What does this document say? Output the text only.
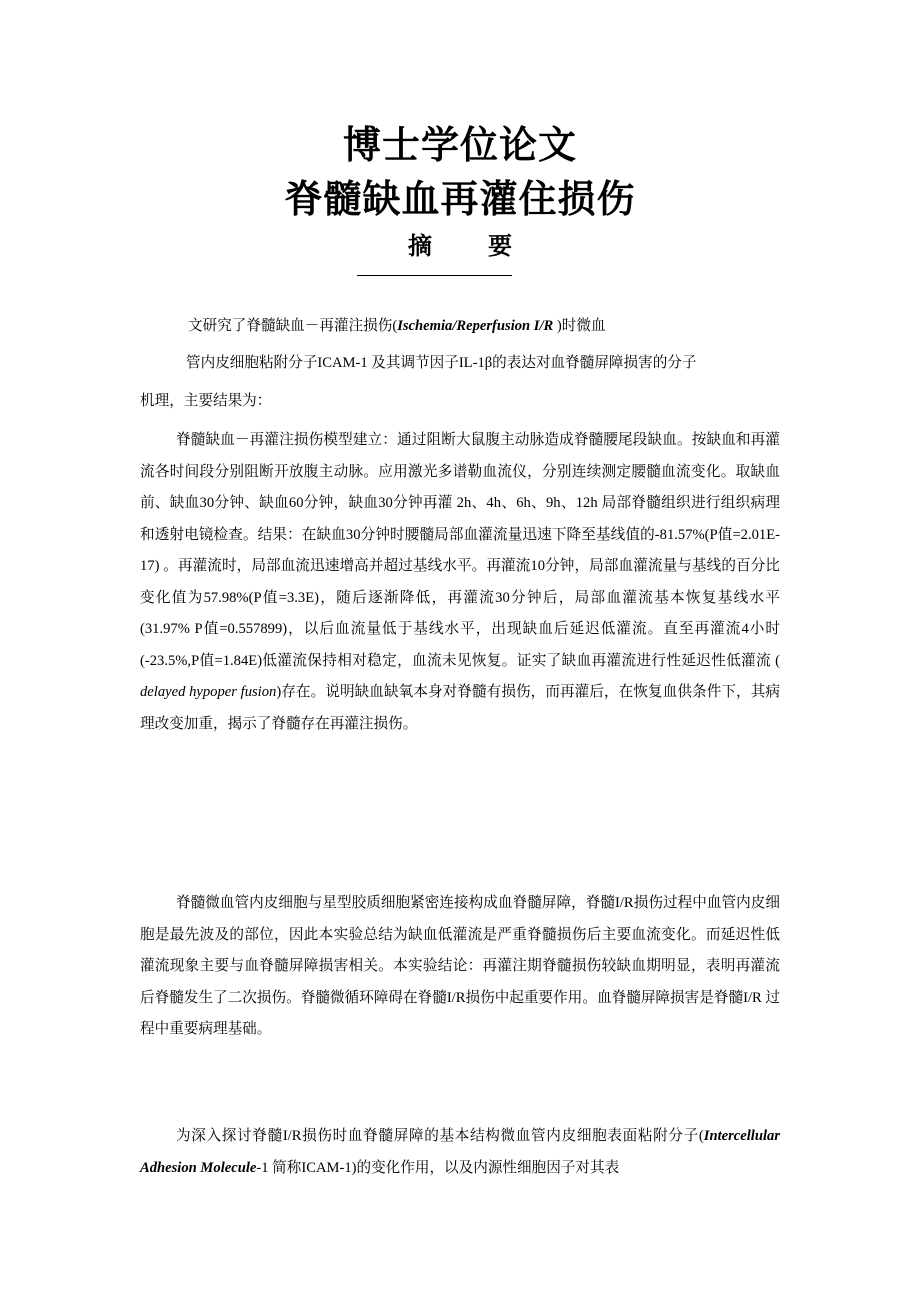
博士学位论文
脊髓缺血再灌住损伤
摘 要
文研究了脊髓缺血－再灌注损伤(Ischemia/Reperfusion I/R )时微血
管内皮细胞粘附分子ICAM-1 及其调节因子IL-1β的表达对血脊髓屏障损害的分子
机理，主要结果为：
脊髓缺血－再灌注损伤模型建立：通过阻断大鼠腹主动脉造成脊髓腰尾段缺血。按缺血和再灌流各时间段分别阻断开放腹主动脉。应用激光多谱勒血流仪，分别连续测定腰髓血流变化。取缺血前、缺血30分钟、缺血60分钟，缺血30分钟再灌 2h、4h、6h、9h、12h 局部脊髓组织进行组织病理和透射电镜检查。结果：在缺血30分钟时腰髓局部血灌流量迅速下降至基线值的-81.57%(P值=2.01E-17) 。再灌流时，局部血流迅速增高并超过基线水平。再灌流10分钟，局部血灌流量与基线的百分比变化值为57.98%(P值=3.3E)，随后逐渐降低，再灌流30分钟后，局部血灌流基本恢复基线水平(31.97% P值=0.557899)，以后血流量低于基线水平，出现缺血后延迟低灌流。直至再灌流4小时(-23.5%,P值=1.84E)低灌流保持相对稳定，血流未见恢复。证实了缺血再灌流进行性延迟性低灌流 ( delayed hypoper fusion)存在。说明缺血缺氧本身对脊髓有损伤，而再灌后，在恢复血供条件下，其病理改变加重，揭示了脊髓存在再灌注损伤。
脊髓微血管内皮细胞与星型胶质细胞紧密连接构成血脊髓屏障，脊髓I/R损伤过程中血管内皮细胞是最先波及的部位，因此本实验总结为缺血低灌流是严重脊髓损伤后主要血流变化。而延迟性低灌流现象主要与血脊髓屏障损害相关。本实验结论：再灌注期脊髓损伤较缺血期明显，表明再灌流后脊髓发生了二次损伤。脊髓微循环障碍在脊髓I/R损伤中起重要作用。血脊髓屏障损害是脊髓I/R 过程中重要病理基础。
为深入探讨脊髓I/R损伤时血脊髓屏障的基本结构微血管内皮细胞表面粘附分子(Intercellular Adhesion Molecule-1 简称ICAM-1)的变化作用，以及内源性细胞因子对其表
